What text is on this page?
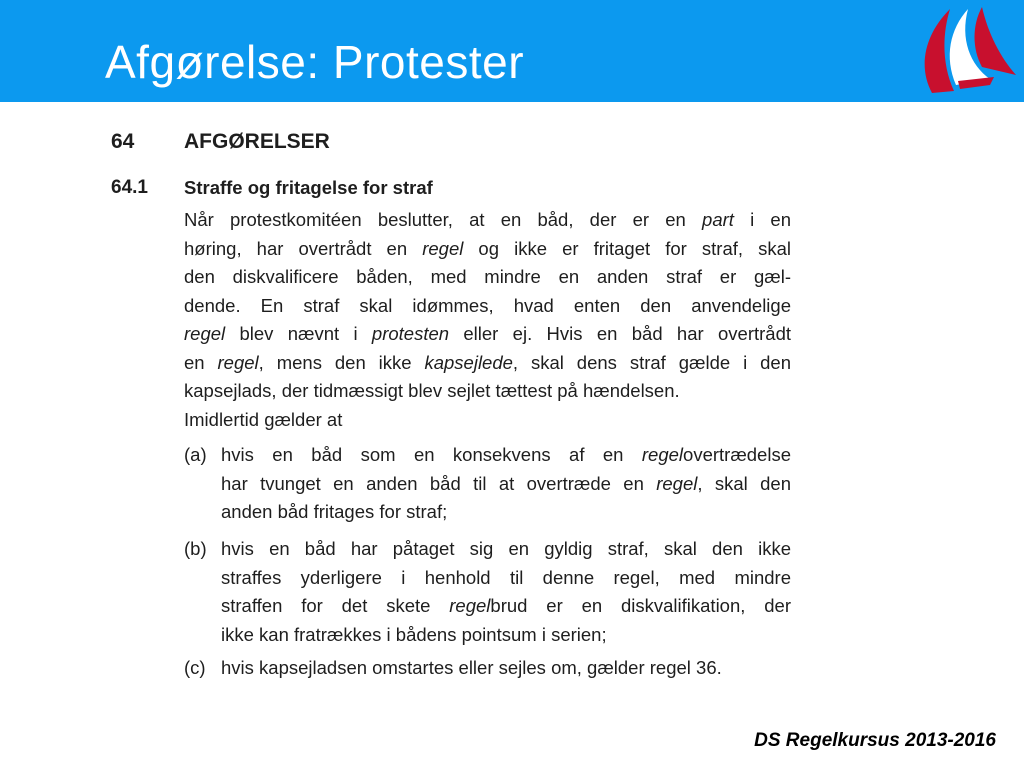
Afgørelse: Protester
64 AFGØRELSER
64.1 Straffe og fritagelse for straf
Når protestkomitéen beslutter, at en båd, der er en part i en
høring, har overtrådt en regel og ikke er fritaget for straf, skal
den diskvalificere båden, med mindre en anden straf er gæl-
dende. En straf skal idømmes, hvad enten den anvendelige
regel blev nævnt i protesten eller ej. Hvis en båd har overtrådt
en regel, mens den ikke kapsejlede, skal dens straf gælde i den
kapsejlads, der tidmæssigt blev sejlet tættest på hændelsen.
Imidlertid gælder at
(a) hvis en båd som en konsekvens af en regelovertrædelse
har tvunget en anden båd til at overtræde en regel, skal den
anden båd fritages for straf;
(b) hvis en båd har påtaget sig en gyldig straf, skal den ikke
straffes yderligere i henhold til denne regel, med mindre
straffen for det skete regelbrud er en diskvalifikation, der
ikke kan fratrækkes i bådens pointsum i serien;
(c) hvis kapsejladsen omstartes eller sejles om, gælder regel 36.
DS Regelkursus 2013-2016
